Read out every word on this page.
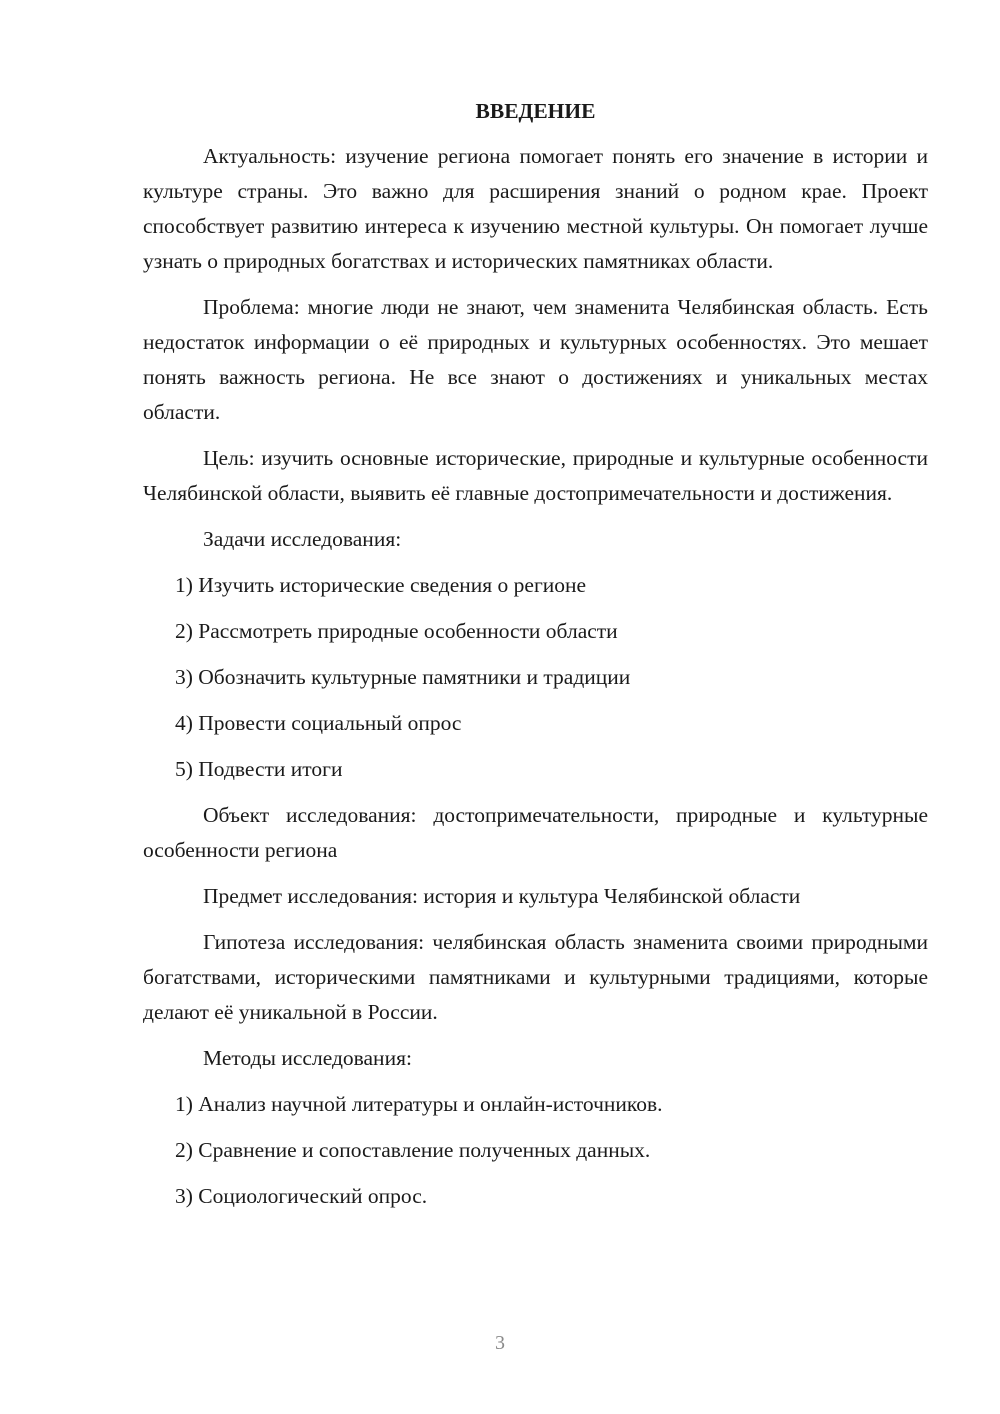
ВВЕДЕНИЕ

Актуальность: изучение региона помогает понять его значение в истории и культуре страны. Это важно для расширения знаний о родном крае. Проект способствует развитию интереса к изучению местной культуры. Он помогает лучше узнать о природных богатствах и исторических памятниках области.

Проблема: многие люди не знают, чем знаменита Челябинская область. Есть недостаток информации о её природных и культурных особенностях. Это мешает понять важность региона. Не все знают о достижениях и уникальных местах области.

Цель: изучить основные исторические, природные и культурные особенности Челябинской области, выявить её главные достопримечательности и достижения.

Задачи исследования:

1) Изучить исторические сведения о регионе

2) Рассмотреть природные особенности области

3) Обозначить культурные памятники и традиции

4) Провести социальный опрос

5) Подвести итоги

Объект исследования: достопримечательности, природные и культурные особенности региона

Предмет исследования: история и культура Челябинской области

Гипотеза исследования: челябинская область знаменита своими природными богатствами, историческими памятниками и культурными традициями, которые делают её уникальной в России.

Методы исследования:

1) Анализ научной литературы и онлайн-источников.

2) Сравнение и сопоставление полученных данных.

3) Социологический опрос.

3
